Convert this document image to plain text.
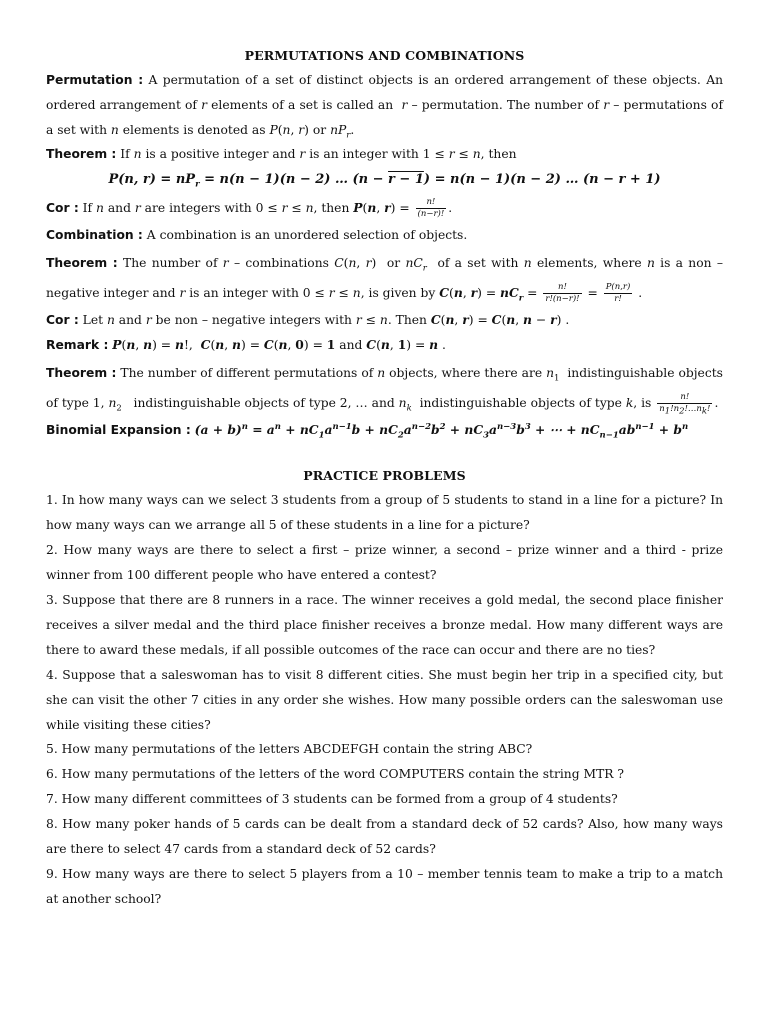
PERMUTATIONS AND COMBINATIONS
Permutation : A permutation of a set of distinct objects is an ordered arrangement of these objects. An ordered arrangement of r elements of a set is called an  r – permutation. The number of r – permutations of a set with n elements is denoted as P(n, r) or $nP_r$.
Theorem : If n is a positive integer and r is an integer with 1 ≤ r ≤ n, then
P(n, $r) = nP_r = n(n - 1)(n - 2)$ … (n − r − 1) = n(n − 1)(n − 2) … (n − r + 1)
Cor : If n and r are integers with 0 ≤ r ≤ n, then P(n, $r) = \frac{n!}{(n-r)!}$ .
Combination : A combination is an unordered selection of objects.
Theorem : The number of r – combinations C(n, r)  or $nC_r$  of a set with n elements, where n is a non – negative integer and r is an integer with 0 ≤ r ≤ n, is given by C(n, $r) = nC_r = \frac{n!}{r!(n-r)!} = \frac{P(n,r)}{r!}$ .
Cor : Let n and r be non – negative integers with r ≤ n. Then C(n, r) = C(n, n − r) .
Remark : P(n, n) = n!,  C(n, n) = C(n, 0) = 1 and C(n, 1) = n .
Theorem : The number of different permutations of n objects, where there are $n_1$  indistinguishable objects of type 1, $n_2$   indistinguishable objects of type 2, … and $n_k$  indistinguishable objects of type k, is $\frac{n!}{n_1!n_2!\dots n_k!}$ .
Binomial Expansion : $(a + b)^n = a^n + nC_1a^{n-1}b + nC_2a^{n-2}b^2 + nC_3a^{n-3}b^3$ + ⋯ + $nC_{n-1}ab^{n-1} + b^n$
PRACTICE PROBLEMS
1. In how many ways can we select 3 students from a group of 5 students to stand in a line for a picture? In how many ways can we arrange all 5 of these students in a line for a picture?
2. How many ways are there to select a first – prize winner, a second – prize winner and a third - prize winner from 100 different people who have entered a contest?
3. Suppose that there are 8 runners in a race. The winner receives a gold medal, the second place finisher receives a silver medal and the third place finisher receives a bronze medal. How many different ways are there to award these medals, if all possible outcomes of the race can occur and there are no ties?
4. Suppose that a saleswoman has to visit 8 different cities. She must begin her trip in a specified city, but she can visit the other 7 cities in any order she wishes. How many possible orders can the saleswoman use while visiting these cities?
5. How many permutations of the letters ABCDEFGH contain the string ABC?
6. How many permutations of the letters of the word COMPUTERS contain the string MTR ?
7. How many different committees of 3 students can be formed from a group of 4 students?
8. How many poker hands of 5 cards can be dealt from a standard deck of 52 cards? Also, how many ways are there to select 47 cards from a standard deck of 52 cards?
9. How many ways are there to select 5 players from a 10 – member tennis team to make a trip to a match at another school?
